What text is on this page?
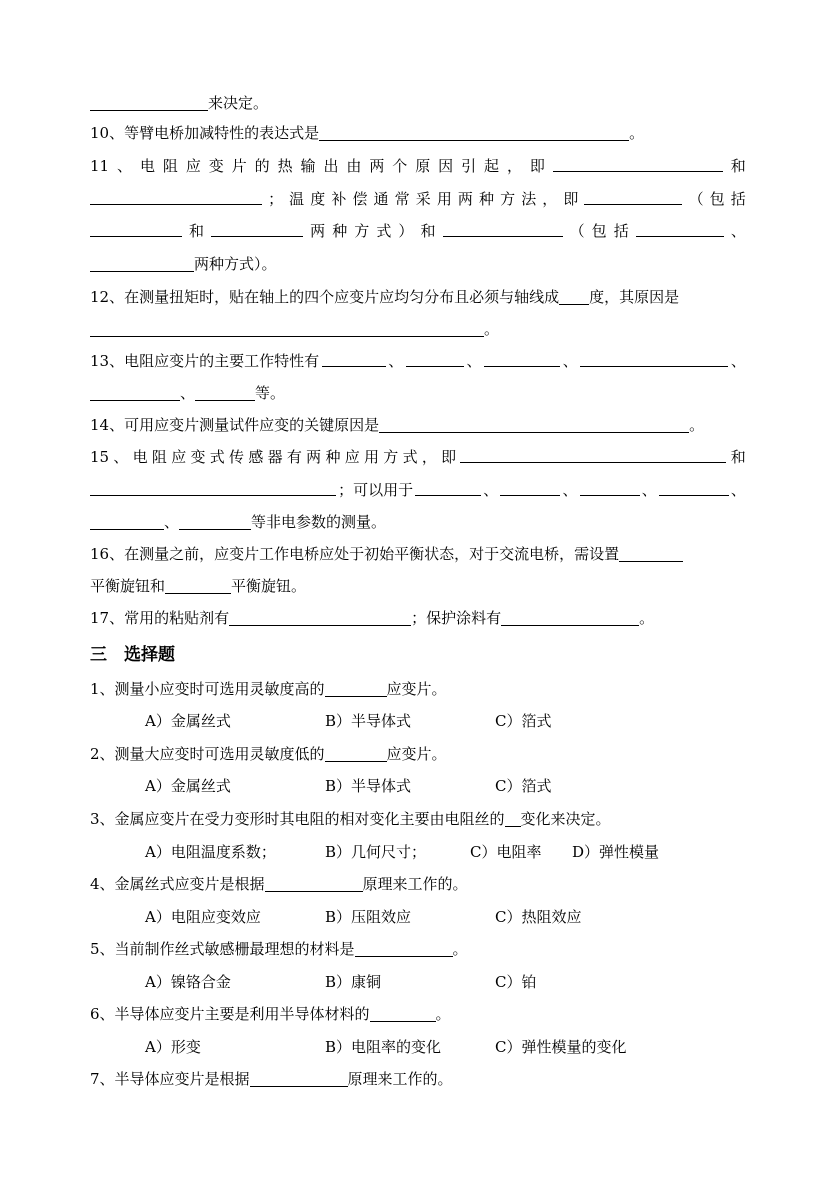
来决定。
10、等臂电桥加减特性的表达式是	。
11 、 电 阻 应 变 片 的 热 输 出 由 两 个 原 因 引 起 ， 即	和
； 温 度 补 偿 通 常 采 用 两 种 方 法 ， 即	（ 包 括
和	两 种 方 式 ） 和	（ 包 括	、
两种方式）。
12、在测量扭矩时，贴在轴上的四个应变片应均匀分布且必须与轴线成 度，其原因是
。
13、电阻应变片的主要工作特性有	、	、	、	、
、	等。
14、可用应变片测量试件应变的关键原因是	。
15 、 电 阻 应 变 式 传 感 器 有 两 种 应 用 方 式 ， 即	和
；可以用于	、	、	、	、
、	等非电参数的测量。
16、在测量之前，应变片工作电桥应处于初始平衡状态，对于交流电桥，需设置
平衡旋钮和	平衡旋钮。
17、常用的粘贴剂有	；保护涂料有	。
三　选择题
1、测量小应变时可选用灵敏度高的	应变片。
A）金属丝式	B）半导体式	C）箔式
2、测量大应变时可选用灵敏度低的	应变片。
A）金属丝式	B）半导体式	C）箔式
3、金属应变片在受力变形时其电阻的相对变化主要由电阻丝的 变化来决定。
A）电阻温度系数；	B）几何尺寸；	C）电阻率 D）弹性模量
4、金属丝式应变片是根据	原理来工作的。
A）电阻应变效应	B）压阻效应	C）热阻效应
5、当前制作丝式敏感栅最理想的材料是	。
A）镍铬合金	B）康铜	C）铂
6、半导体应变片主要是利用半导体材料的	。
A）形变	B）电阻率的变化	C）弹性模量的变化
7、半导体应变片是根据	原理来工作的。
